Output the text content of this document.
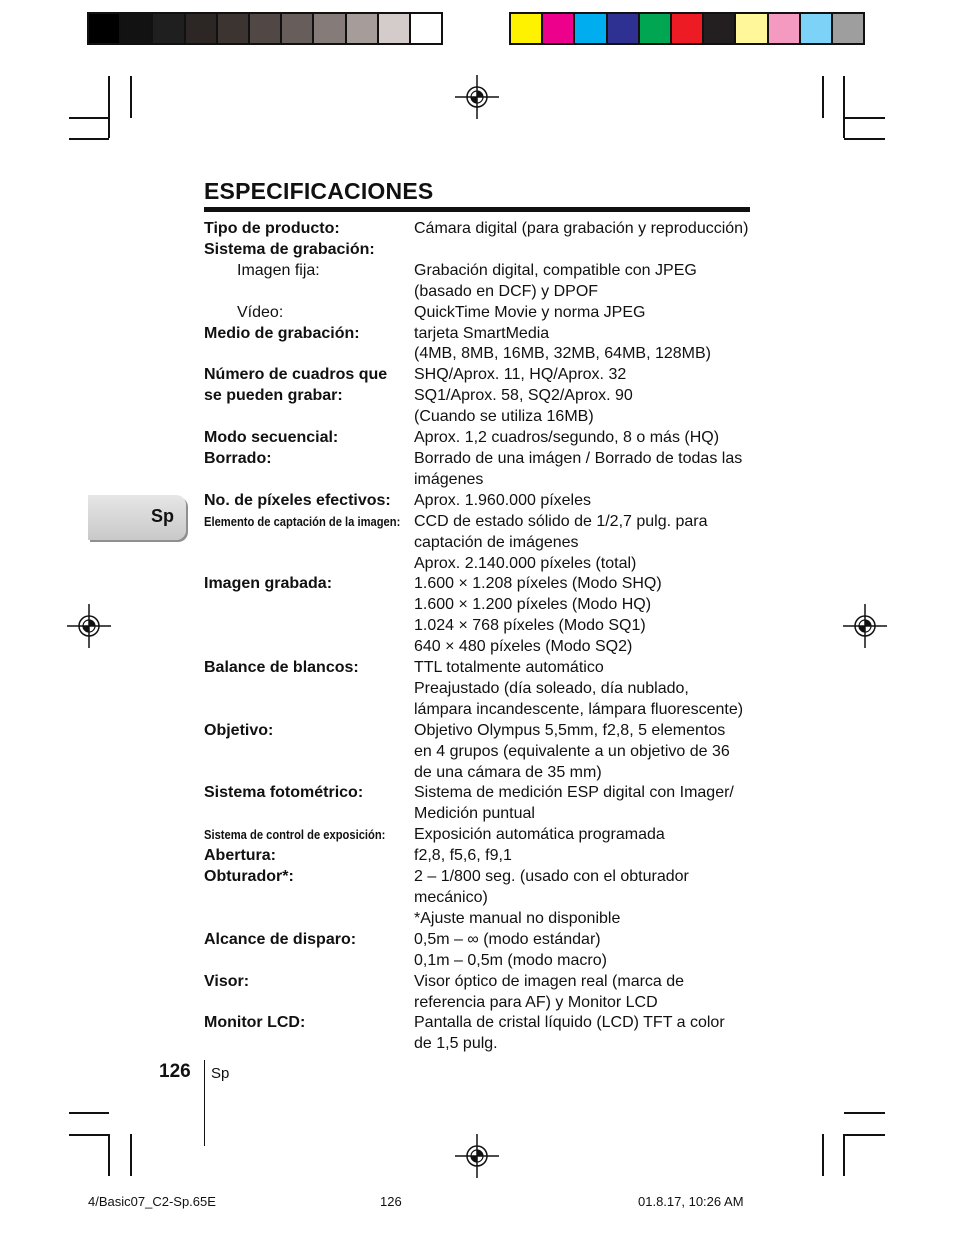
ESPECIFICACIONES
Sp
Tipo de producto:	Cámara digital (para grabación y reproducción)
Sistema de grabación:

Imagen fija:	Grabación digital, compatible con JPEG
(basado en DCF) y DPOF
Vídeo:	QuickTime Movie y norma JPEG
Medio de grabación:	tarjeta SmartMedia
(4MB, 8MB, 16MB, 32MB, 64MB, 128MB)
Número de cuadros que	SHQ/Aprox. 11, HQ/Aprox. 32
se pueden grabar:	SQ1/Aprox. 58, SQ2/Aprox. 90
(Cuando se utiliza 16MB)
Modo secuencial:	Aprox. 1,2 cuadros/segundo, 8 o más (HQ)
Borrado:	Borrado de una imágen / Borrado de todas las
imágenes
No. de píxeles efectivos:	Aprox. 1.960.000 píxeles
Elemento de captación de la imagen: CCD de estado sólido de 1/2,7 pulg. para
captación de imágenes
Aprox. 2.140.000 píxeles (total)
Imagen grabada:	1.600 × 1.208 píxeles (Modo SHQ)
1.600 × 1.200 píxeles (Modo HQ)
1.024 × 768 píxeles (Modo SQ1)
640 × 480 píxeles (Modo SQ2)
Balance de blancos:	TTL totalmente automático
Preajustado (día soleado, día nublado,
lámpara incandescente, lámpara fluorescente)
Objetivo:	Objetivo Olympus 5,5mm, f2,8, 5 elementos
en 4 grupos (equivalente a un objetivo de 36
de una cámara de 35 mm)
Sistema fotométrico:	Sistema de medición ESP digital con Imager/
Medición puntual
Sistema de control de exposición: Exposición automática programada
Abertura:	f2,8, f5,6, f9,1
Obturador*:	2 – 1/800 seg. (usado con el obturador
mecánico)
*Ajuste manual no disponible
Alcance de disparo:	0,5m – ∞ (modo estándar)
0,1m – 0,5m (modo macro)
Visor:	Visor óptico de imagen real (marca de
referencia para AF) y Monitor LCD
Monitor LCD:	Pantalla de cristal líquido (LCD) TFT a color
de 1,5 pulg.
126 Sp
4/Basic07_C2-Sp.65E	126	01.8.17, 10:26 AM
